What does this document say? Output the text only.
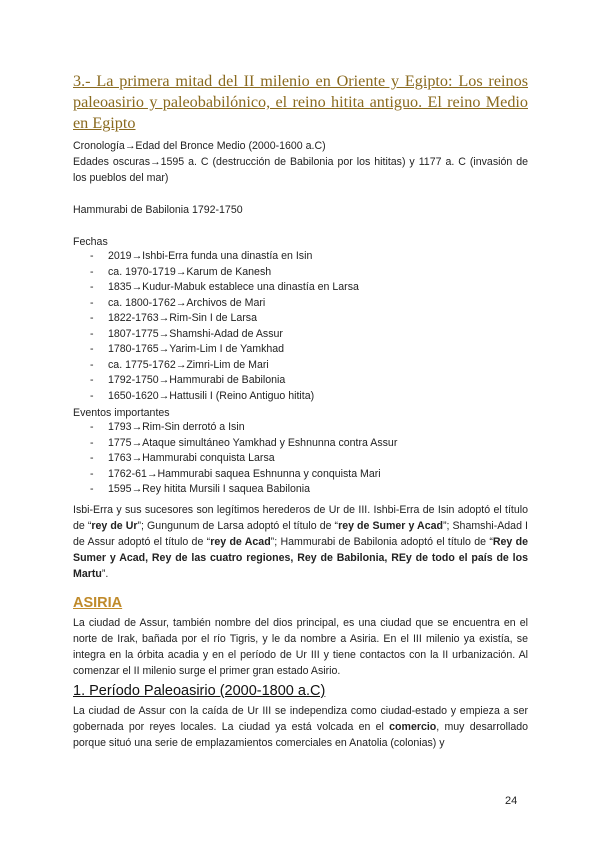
3.- La primera mitad del II milenio en Oriente y Egipto: Los reinos paleoasirio y paleobabilónico, el reino hitita antiguo. El reino Medio en Egipto

Cronología→Edad del Bronce Medio (2000-1600 a.C)

Edades oscuras→1595 a. C (destrucción de Babilonia por los hititas) y 1177 a. C (invasión de los pueblos del mar)

Hammurabi de Babilonia 1792-1750

Fechas

- 2019→Ishbi-Erra funda una dinastía en Isin
- ca. 1970-1719→Karum de Kanesh
- 1835→Kudur-Mabuk establece una dinastía en Larsa
- ca. 1800-1762→Archivos de Mari
- 1822-1763→Rim-Sin I de Larsa
- 1807-1775→Shamshi-Adad de Assur
- 1780-1765→Yarim-Lim I de Yamkhad
- ca. 1775-1762→Zimri-Lim de Mari
- 1792-1750→Hammurabi de Babilonia
- 1650-1620→Hattusili I (Reino Antiguo hitita)

Eventos importantes

- 1793→Rim-Sin derrotó a Isin
- 1775→Ataque simultáneo Yamkhad y Eshnunna contra Assur
- 1763→Hammurabi conquista Larsa
- 1762-61→Hammurabi saquea Eshnunna y conquista Mari
- 1595→Rey hitita Mursili I saquea Babilonia

Isbi-Erra y sus sucesores son legítimos herederos de Ur de III. Ishbi-Erra de Isin adoptó el título de “rey de Ur”; Gungunum de Larsa adoptó el título de “rey de Sumer y Acad”; Shamshi-Adad I de Assur adoptó el título de “rey de Acad”; Hammurabi de Babilonia adoptó el título de “Rey de Sumer y Acad, Rey de las cuatro regiones, Rey de Babilonia, REy de todo el país de los Martu”.

ASIRIA

La ciudad de Assur, también nombre del dios principal, es una ciudad que se encuentra en el norte de Irak, bañada por el río Tigris, y le da nombre a Asiria. En el III milenio ya existía, se integra en la órbita acadia y en el período de Ur III y tiene contactos con la II urbanización. Al comenzar el II milenio surge el primer gran estado Asirio.

1. Período Paleoasirio (2000-1800 a.C)

La ciudad de Assur con la caída de Ur III se independiza como ciudad-estado y empieza a ser gobernada por reyes locales. La ciudad ya está volcada en el comercio, muy desarrollado porque situó una serie de emplazamientos comerciales en Anatolia (colonias) y

24
